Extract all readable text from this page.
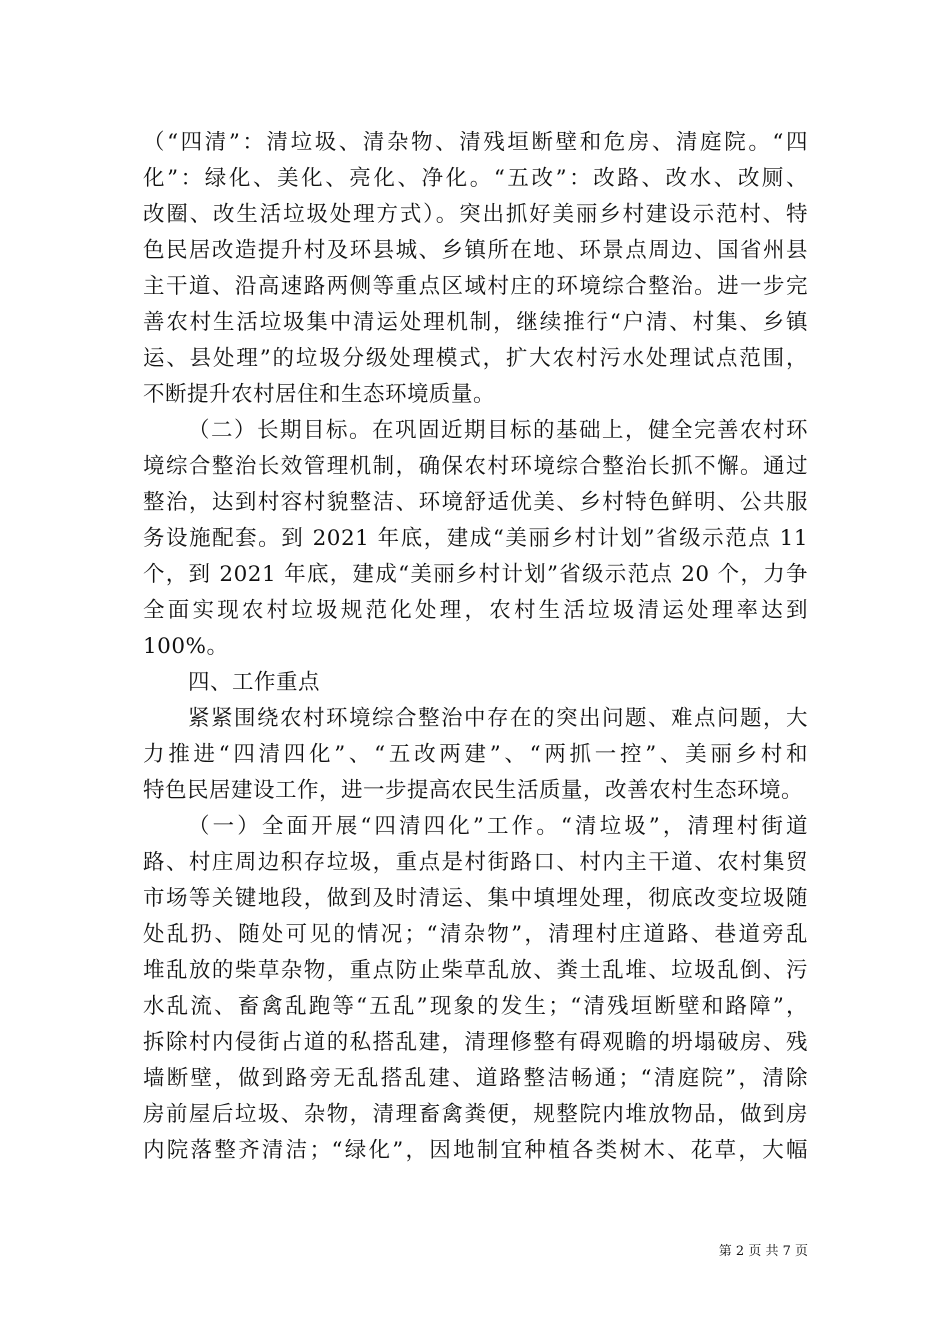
（“四清”：清垃圾、清杂物、清残垣断壁和危房、清庭院。“四
化”：绿化、美化、亮化、净化。“五改”：改路、改水、改厕、
改圈、改生活垃圾处理方式）。突出抓好美丽乡村建设示范村、特
色民居改造提升村及环县城、乡镇所在地、环景点周边、国省州县
主干道、沿高速路两侧等重点区域村庄的环境综合整治。进一步完
善农村生活垃圾集中清运处理机制，继续推行“户清、村集、乡镇
运、县处理”的垃圾分级处理模式，扩大农村污水处理试点范围，
不断提升农村居住和生态环境质量。
（二）长期目标。在巩固近期目标的基础上，健全完善农村环
境综合整治长效管理机制，确保农村环境综合整治长抓不懈。通过
整治，达到村容村貌整洁、环境舒适优美、乡村特色鲜明、公共服
务设施配套。到 2021 年底，建成“美丽乡村计划”省级示范点 11
个，到 2021 年底，建成“美丽乡村计划”省级示范点 20 个，力争
全面实现农村垃圾规范化处理，农村生活垃圾清运处理率达到
100%。
四、工作重点
紧紧围绕农村环境综合整治中存在的突出问题、难点问题，大
力推进“四清四化”、“五改两建”、“两抓一控”、美丽乡村和
特色民居建设工作，进一步提高农民生活质量，改善农村生态环境。
（一）全面开展“四清四化”工作。“清垃圾”，清理村街道
路、村庄周边积存垃圾，重点是村街路口、村内主干道、农村集贸
市场等关键地段，做到及时清运、集中填埋处理，彻底改变垃圾随
处乱扔、随处可见的情况；“清杂物”，清理村庄道路、巷道旁乱
堆乱放的柴草杂物，重点防止柴草乱放、粪土乱堆、垃圾乱倒、污
水乱流、畜禽乱跑等“五乱”现象的发生；“清残垣断壁和路障”，
拆除村内侵街占道的私搭乱建，清理修整有碍观瞻的坍塌破房、残
墙断壁，做到路旁无乱搭乱建、道路整洁畅通；“清庭院”，清除
房前屋后垃圾、杂物，清理畜禽粪便，规整院内堆放物品，做到房
内院落整齐清洁；“绿化”，因地制宜种植各类树木、花草，大幅
第 2 页 共 7 页
